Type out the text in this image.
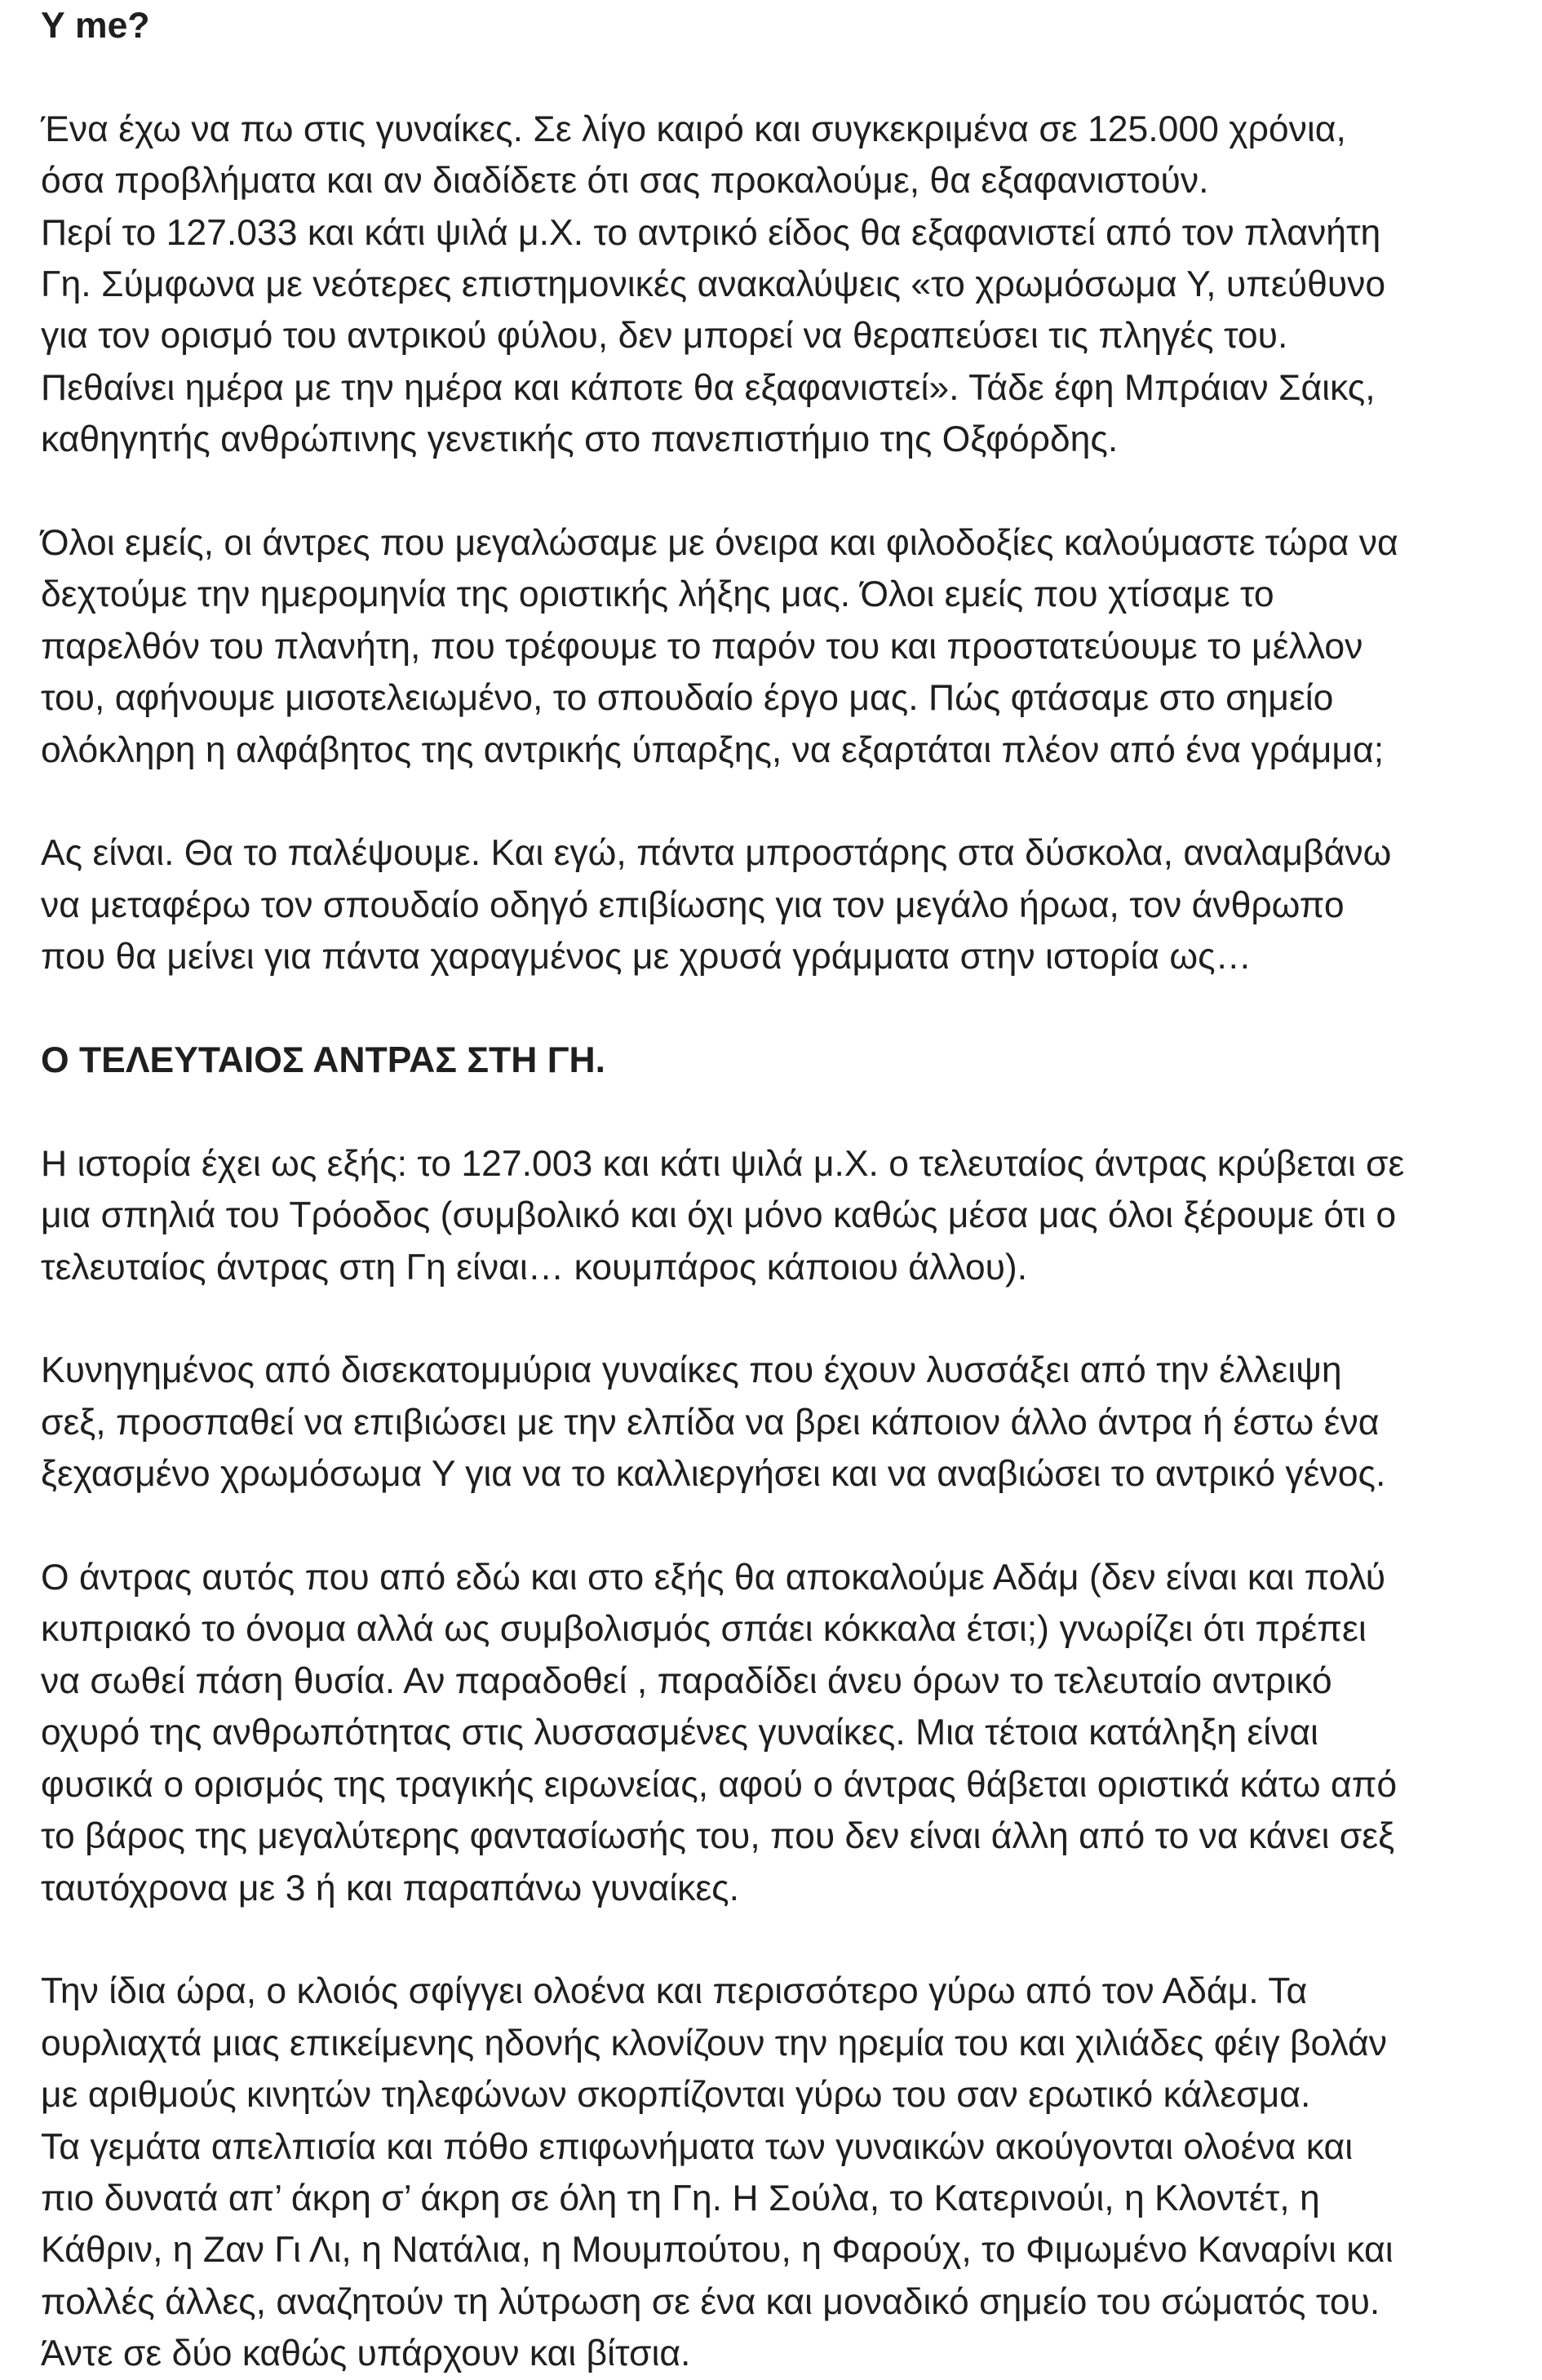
Υ me?
Ένα έχω να πω στις γυναίκες. Σε λίγο καιρό και συγκεκριμένα σε 125.000 χρόνια,
όσα προβλήματα και αν διαδίδετε ότι σας προκαλούμε, θα εξαφανιστούν.
Περί το 127.033 και κάτι ψιλά μ.Χ. το αντρικό είδος θα εξαφανιστεί από τον πλανήτη
Γη. Σύμφωνα με νεότερες επιστημονικές ανακαλύψεις «το χρωμόσωμα Υ, υπεύθυνο
για τον ορισμό του αντρικού φύλου, δεν μπορεί να θεραπεύσει τις πληγές του.
Πεθαίνει ημέρα με την ημέρα και κάποτε θα εξαφανιστεί». Τάδε έφη Μπράιαν Σάικς,
καθηγητής ανθρώπινης γενετικής στο πανεπιστήμιο της Οξφόρδης.
Όλοι εμείς, οι άντρες που μεγαλώσαμε με όνειρα και φιλοδοξίες καλούμαστε τώρα να
δεχτούμε την ημερομηνία της οριστικής λήξης μας. Όλοι εμείς που χτίσαμε το
παρελθόν του πλανήτη, που τρέφουμε το παρόν του και προστατεύουμε το μέλλον
του, αφήνουμε μισοτελειωμένο, το σπουδαίο έργο μας. Πώς φτάσαμε στο σημείο
ολόκληρη η αλφάβητος της αντρικής ύπαρξης, να εξαρτάται πλέον από ένα γράμμα;
Ας είναι. Θα το παλέψουμε. Και εγώ, πάντα μπροστάρης στα δύσκολα, αναλαμβάνω
να μεταφέρω τον σπουδαίο οδηγό επιβίωσης για τον μεγάλο ήρωα, τον άνθρωπο
που θα μείνει για πάντα χαραγμένος με χρυσά γράμματα στην ιστορία ως…
Ο ΤΕΛΕΥΤΑΙΟΣ ΑΝΤΡΑΣ ΣΤΗ ΓΗ.
Η ιστορία έχει ως εξής: το 127.003 και κάτι ψιλά μ.Χ. ο τελευταίος άντρας κρύβεται σε
μια σπηλιά του Τρόοδος (συμβολικό και όχι μόνο καθώς μέσα μας όλοι ξέρουμε ότι ο
τελευταίος άντρας στη Γη είναι… κουμπάρος κάποιου άλλου).
Κυνηγημένος από δισεκατομμύρια γυναίκες που έχουν λυσσάξει από την έλλειψη
σεξ, προσπαθεί να επιβιώσει με την ελπίδα να βρει κάποιον άλλο άντρα ή έστω ένα
ξεχασμένο χρωμόσωμα Υ για να το καλλιεργήσει και να αναβιώσει το αντρικό γένος.
Ο άντρας αυτός που από εδώ και στο εξής θα αποκαλούμε Αδάμ (δεν είναι και πολύ
κυπριακό το όνομα αλλά ως συμβολισμός σπάει κόκκαλα έτσι;) γνωρίζει ότι πρέπει
να σωθεί πάση θυσία. Αν παραδοθεί , παραδίδει άνευ όρων το τελευταίο αντρικό
οχυρό της ανθρωπότητας στις λυσσασμένες γυναίκες. Μια τέτοια κατάληξη είναι
φυσικά ο ορισμός της τραγικής ειρωνείας, αφού ο άντρας θάβεται οριστικά κάτω από
το βάρος της μεγαλύτερης φαντασίωσής του, που δεν είναι άλλη από το να κάνει σεξ
ταυτόχρονα με 3 ή και παραπάνω γυναίκες.
Την ίδια ώρα, ο κλοιός σφίγγει ολοένα και περισσότερο γύρω από τον Αδάμ. Τα
ουρλιαχτά μιας επικείμενης ηδονής κλονίζουν την ηρεμία του και χιλιάδες φέιγ βολάν
με αριθμούς κινητών τηλεφώνων σκορπίζονται γύρω του σαν ερωτικό κάλεσμα.
Τα γεμάτα απελπισία και πόθο επιφωνήματα των γυναικών ακούγονται ολοένα και
πιο δυνατά απ’ άκρη σ’ άκρη σε όλη τη Γη. Η Σούλα, το Κατερινούι, η Κλοντέτ, η
Κάθριν, η Ζαν Γι Λι, η Νατάλια, η Μουμπούτου, η Φαρούχ, το Φιμωμένο Καναρίνι και
πολλές άλλες, αναζητούν τη λύτρωση σε ένα και μοναδικό σημείο του σώματός του.
Άντε σε δύο καθώς υπάρχουν και βίτσια.
